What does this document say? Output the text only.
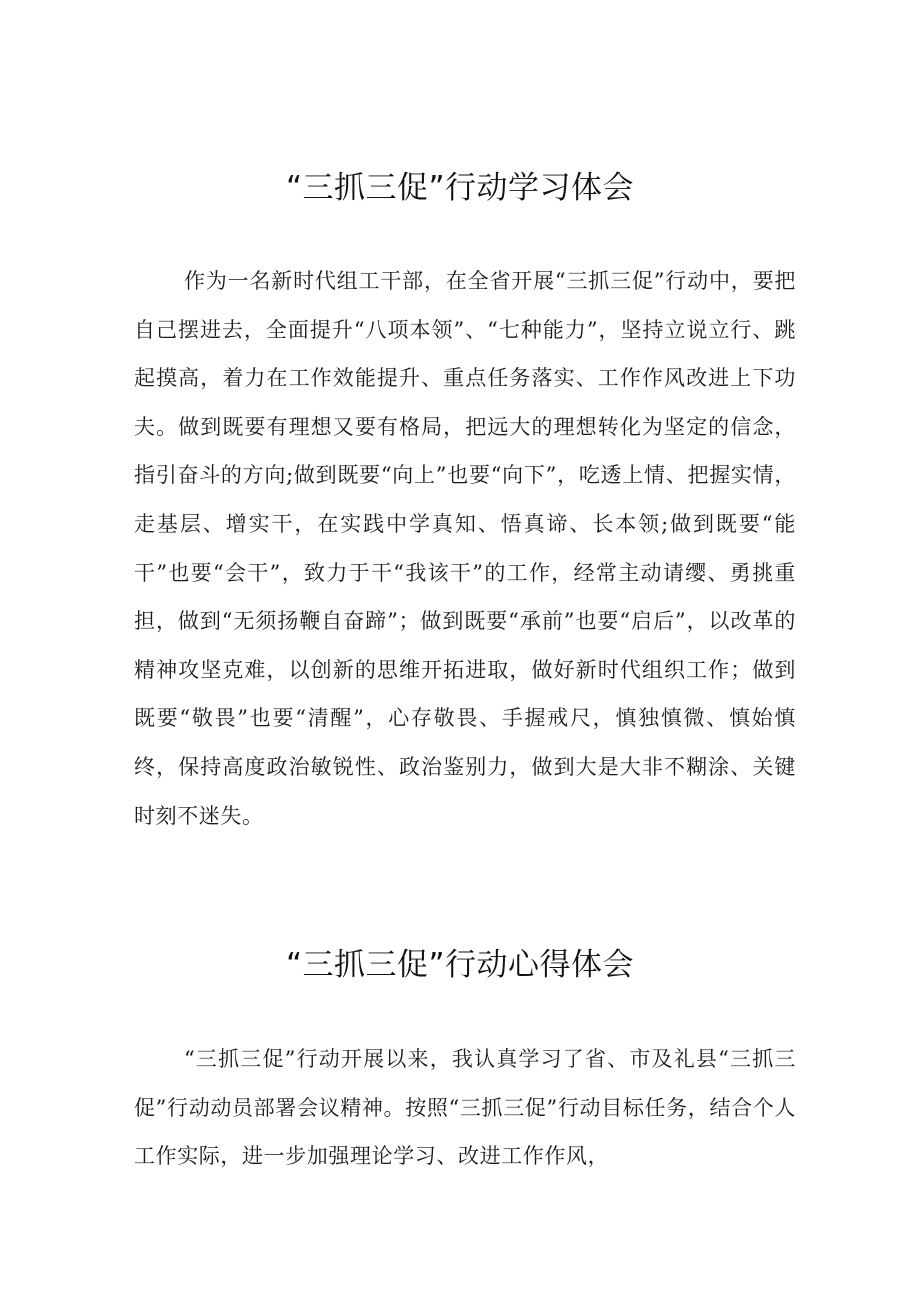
“三抓三促”行动学习体会

作为一名新时代组工干部，在全省开展“三抓三促”行动中，要把自己摆进去，全面提升“八项本领”、“七种能力”，坚持立说立行、跳起摸高，着力在工作效能提升、重点任务落实、工作作风改进上下功夫。做到既要有理想又要有格局，把远大的理想转化为坚定的信念，指引奋斗的方向;做到既要“向上”也要“向下”，吃透上情、把握实情，走基层、增实干，在实践中学真知、悟真谛、长本领;做到既要“能干”也要“会干”，致力于干“我该干”的工作，经常主动请缨、勇挑重担，做到“无须扬鞭自奋蹄”；做到既要“承前”也要“启后”，以改革的精神攻坚克难，以创新的思维开拓进取，做好新时代组织工作；做到既要“敬畏”也要“清醒”，心存敬畏、手握戒尺，慎独慎微、慎始慎终，保持高度政治敏锐性、政治鉴别力，做到大是大非不糊涂、关键时刻不迷失。

“三抓三促”行动心得体会

“三抓三促”行动开展以来，我认真学习了省、市及礼县“三抓三促”行动动员部署会议精神。按照“三抓三促”行动目标任务，结合个人工作实际，进一步加强理论学习、改进工作作风，
